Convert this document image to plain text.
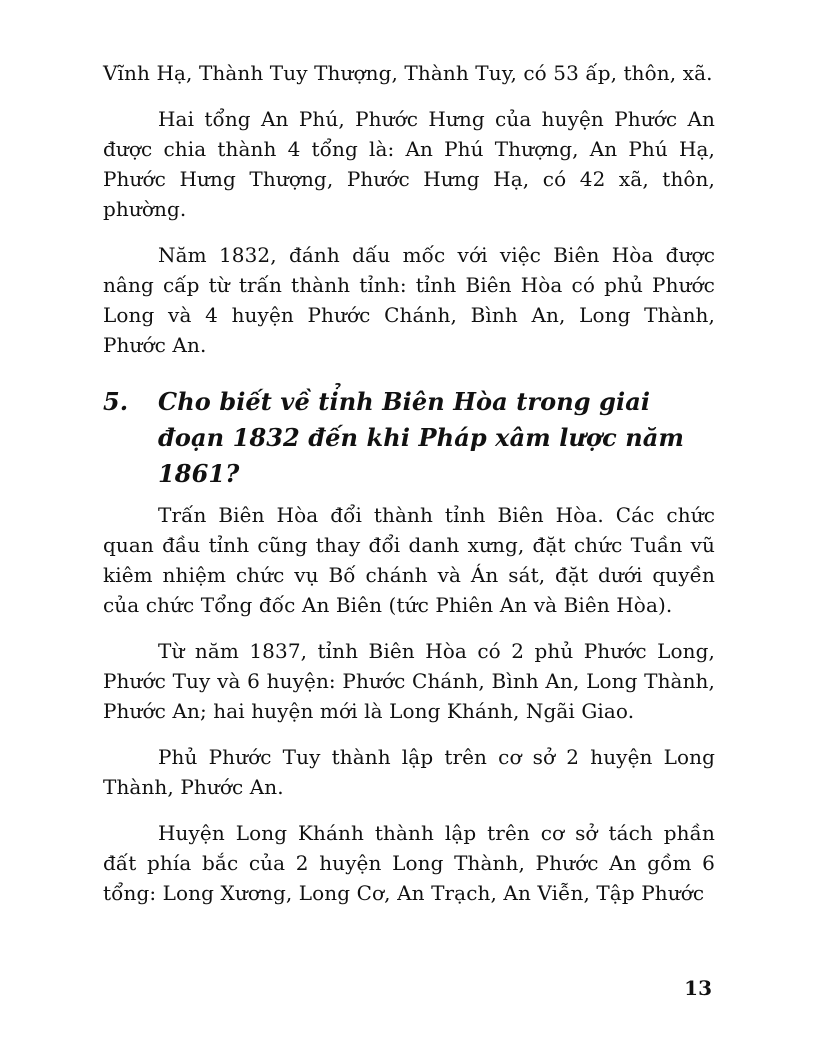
Vĩnh Hạ, Thành Tuy Thượng, Thành Tuy, có 53 ấp, thôn, xã.

Hai tổng An Phú, Phước Hưng của huyện Phước An được chia thành 4 tổng là: An Phú Thượng, An Phú Hạ, Phước Hưng Thượng, Phước Hưng Hạ, có 42 xã, thôn, phường.

Năm 1832, đánh dấu mốc với việc Biên Hòa được nâng cấp từ trấn thành tỉnh: tỉnh Biên Hòa có phủ Phước Long và 4 huyện Phước Chánh, Bình An, Long Thành, Phước An.

5.	Cho biết về tỉnh Biên Hòa trong giai đoạn 1832 đến khi Pháp xâm lược năm 1861?

Trấn Biên Hòa đổi thành tỉnh Biên Hòa. Các chức quan đầu tỉnh cũng thay đổi danh xưng, đặt chức Tuần vũ kiêm nhiệm chức vụ Bố chánh và Án sát, đặt dưới quyền của chức Tổng đốc An Biên (tức Phiên An và Biên Hòa).

Từ năm 1837, tỉnh Biên Hòa có 2 phủ Phước Long, Phước Tuy và 6 huyện: Phước Chánh, Bình An, Long Thành, Phước An; hai huyện mới là Long Khánh, Ngãi Giao.

Phủ Phước Tuy thành lập trên cơ sở 2 huyện Long Thành, Phước An.

Huyện Long Khánh thành lập trên cơ sở tách phần đất phía bắc của 2 huyện Long Thành, Phước An gồm 6 tổng: Long Xương, Long Cơ, An Trạch, An Viễn, Tập Phước

13
